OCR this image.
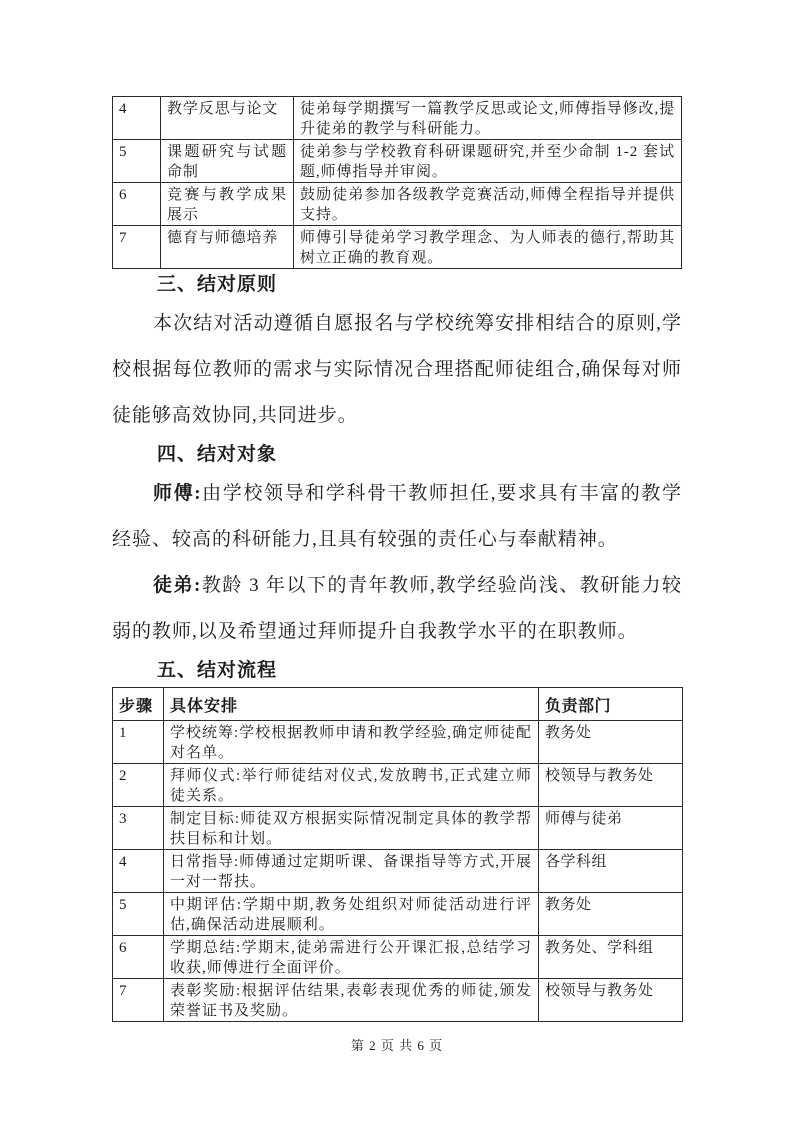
4	教学反思与论文	徒弟每学期撰写一篇教学反思或论文,师傅指导修改,提升徒弟的教学与科研能力。
5	课题研究与试题命制	徒弟参与学校教育科研课题研究,并至少命制 1-2 套试题,师傅指导并审阅。
6	竞赛与教学成果展示	鼓励徒弟参加各级教学竞赛活动,师傅全程指导并提供支持。
7	德育与师德培养	师傅引导徒弟学习教学理念、为人师表的德行,帮助其树立正确的教育观。
三、结对原则

本次结对活动遵循自愿报名与学校统筹安排相结合的原则,学校根据每位教师的需求与实际情况合理搭配师徒组合,确保每对师徒能够高效协同,共同进步。

四、结对对象

师傅:由学校领导和学科骨干教师担任,要求具有丰富的教学经验、较高的科研能力,且具有较强的责任心与奉献精神。

徒弟:教龄 3 年以下的青年教师,教学经验尚浅、教研能力较弱的教师,以及希望通过拜师提升自我教学水平的在职教师。

五、结对流程
步骤	具体安排	负责部门
1	学校统筹:学校根据教师申请和教学经验,确定师徒配对名单。	教务处
2	拜师仪式:举行师徒结对仪式,发放聘书,正式建立师徒关系。	校领导与教务处
3	制定目标:师徒双方根据实际情况制定具体的教学帮扶目标和计划。	师傅与徒弟
4	日常指导:师傅通过定期听课、备课指导等方式,开展一对一帮扶。	各学科组
5	中期评估:学期中期,教务处组织对师徒活动进行评估,确保活动进展顺利。	教务处
6	学期总结:学期末,徒弟需进行公开课汇报,总结学习收获,师傅进行全面评价。	教务处、学科组
7	表彰奖励:根据评估结果,表彰表现优秀的师徒,颁发荣誉证书及奖励。	校领导与教务处
第 2 页 共 6 页
